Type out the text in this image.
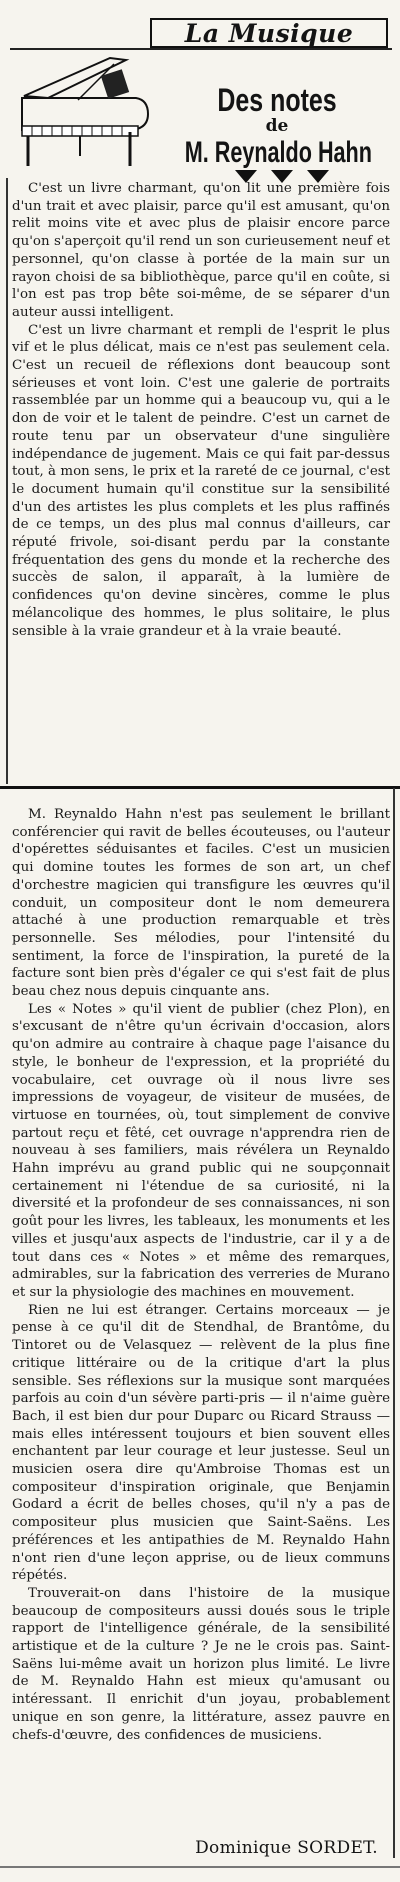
La Musique
Des notes
de
M. Reynaldo Hahn

C'est un livre charmant, qu'on lit une première fois d'un trait et avec plaisir, parce qu'il est amusant, qu'on relit moins vite et avec plus de plaisir encore parce qu'on s'aperçoit qu'il rend un son curieusement neuf et personnel, qu'on classe à portée de la main sur un rayon choisi de sa bibliothèque, parce qu'il en coûte, si l'on est pas trop bête soi-même, de se séparer d'un auteur aussi intelligent.

C'est un livre charmant et rempli de l'esprit le plus vif et le plus délicat, mais ce n'est pas seulement cela. C'est un recueil de réflexions dont beaucoup sont sérieuses et vont loin. C'est une galerie de portraits rassemblée par un homme qui a beaucoup vu, qui a le don de voir et le talent de peindre. C'est un carnet de route tenu par un observateur d'une singulière indépendance de jugement. Mais ce qui fait par-dessus tout, à mon sens, le prix et la rareté de ce journal, c'est le document humain qu'il constitue sur la sensibilité d'un des artistes les plus complets et les plus raffinés de ce temps, un des plus mal connus d'ailleurs, car réputé frivole, soi-disant perdu par la constante fréquentation des gens du monde et la recherche des succès de salon, il apparaît, à la lumière de confidences qu'on devine sincères, comme le plus mélancolique des hommes, le plus solitaire, le plus sensible à la vraie grandeur et à la vraie beauté.

M. Reynaldo Hahn n'est pas seulement le brillant conférencier qui ravit de belles écouteuses, ou l'auteur d'opérettes séduisantes et faciles. C'est un musicien qui domine toutes les formes de son art, un chef d'orchestre magicien qui transfigure les œuvres qu'il conduit, un compositeur dont le nom demeurera attaché à une production remarquable et très personnelle. Ses mélodies, pour l'intensité du sentiment, la force de l'inspiration, la pureté de la facture sont bien près d'égaler ce qui s'est fait de plus beau chez nous depuis cinquante ans.

Les « Notes » qu'il vient de publier (chez Plon), en s'excusant de n'être qu'un écrivain d'occasion, alors qu'on admire au contraire à chaque page l'aisance du style, le bonheur de l'expression, et la propriété du vocabulaire, cet ouvrage où il nous livre ses impressions de voyageur, de visiteur de musées, de virtuose en tournées, où, tout simplement de convive partout reçu et fêté, cet ouvrage n'apprendra rien de nouveau à ses familiers, mais révélera un Reynaldo Hahn imprévu au grand public qui ne soupçonnait certainement ni l'étendue de sa curiosité, ni la diversité et la profondeur de ses connaissances, ni son goût pour les livres, les tableaux, les monuments et les villes et jusqu'aux aspects de l'industrie, car il y a de tout dans ces « Notes » et même des remarques, admirables, sur la fabrication des verreries de Murano et sur la physiologie des machines en mouvement.

Rien ne lui est étranger. Certains morceaux — je pense à ce qu'il dit de Stendhal, de Brantôme, du Tintoret ou de Velasquez — relèvent de la plus fine critique littéraire ou de la critique d'art la plus sensible. Ses réflexions sur la musique sont marquées parfois au coin d'un sévère parti-pris — il n'aime guère Bach, il est bien dur pour Duparc ou Ricard Strauss — mais elles intéressent toujours et bien souvent elles enchantent par leur courage et leur justesse. Seul un musicien osera dire qu'Ambroise Thomas est un compositeur d'inspiration originale, que Benjamin Godard a écrit de belles choses, qu'il n'y a pas de compositeur plus musicien que Saint-Saëns. Les préférences et les antipathies de M. Reynaldo Hahn n'ont rien d'une leçon apprise, ou de lieux communs répétés.

Trouverait-on dans l'histoire de la musique beaucoup de compositeurs aussi doués sous le triple rapport de l'intelligence générale, de la sensibilité artistique et de la culture ? Je ne le crois pas. Saint-Saëns lui-même avait un horizon plus limité. Le livre de M. Reynaldo Hahn est mieux qu'amusant ou intéressant. Il enrichit d'un joyau, probablement unique en son genre, la littérature, assez pauvre en chefs-d'œuvre, des confidences de musiciens.

Dominique SORDET.
